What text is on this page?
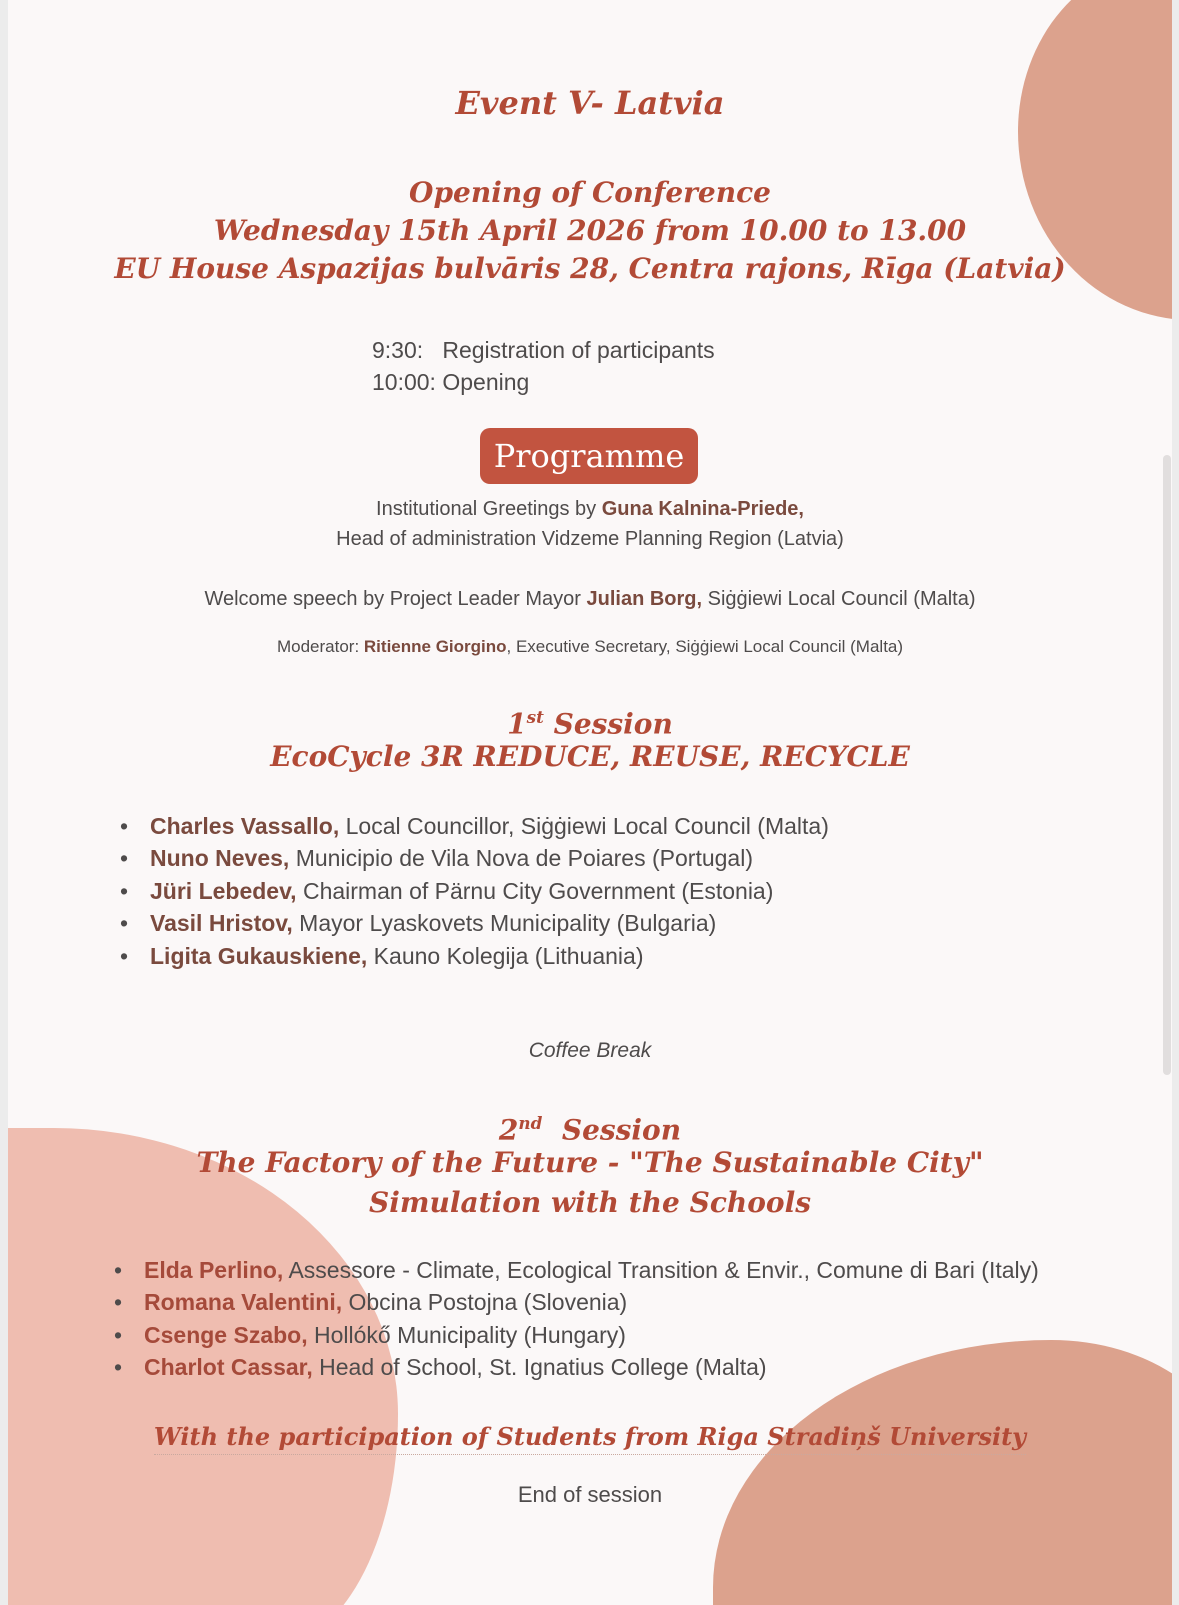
Event V- Latvia
Opening of Conference
Wednesday 15th April 2026 from 10.00 to 13.00
EU House Aspazijas bulvāris 28, Centra rajons, Rīga (Latvia)
9:30: Registration of participants
10:00: Opening
Programme
Institutional Greetings by Guna Kalnina-Priede,
Head of administration Vidzeme Planning Region (Latvia)
Welcome speech by Project Leader Mayor Julian Borg, Siġġiewi Local Council (Malta)
Moderator: Ritienne Giorgino, Executive Secretary, Siġġiewi Local Council (Malta)
1st Session
EcoCycle 3R REDUCE, REUSE, RECYCLE
• Charles Vassallo, Local Councillor, Siġġiewi Local Council (Malta)
• Nuno Neves, Municipio de Vila Nova de Poiares (Portugal)
• Jüri Lebedev, Chairman of Pärnu City Government (Estonia)
• Vasil Hristov, Mayor Lyaskovets Municipality (Bulgaria)
• Ligita Gukauskiene, Kauno Kolegija (Lithuania)
Coffee Break
2nd Session
The Factory of the Future - "The Sustainable City"
Simulation with the Schools
• Elda Perlino, Assessore - Climate, Ecological Transition & Envir., Comune di Bari (Italy)
• Romana Valentini, Obcina Postojna (Slovenia)
• Csenge Szabo, Hollókő Municipality (Hungary)
• Charlot Cassar, Head of School, St. Ignatius College (Malta)
With the participation of Students from Riga Stradiņš University
End of session
